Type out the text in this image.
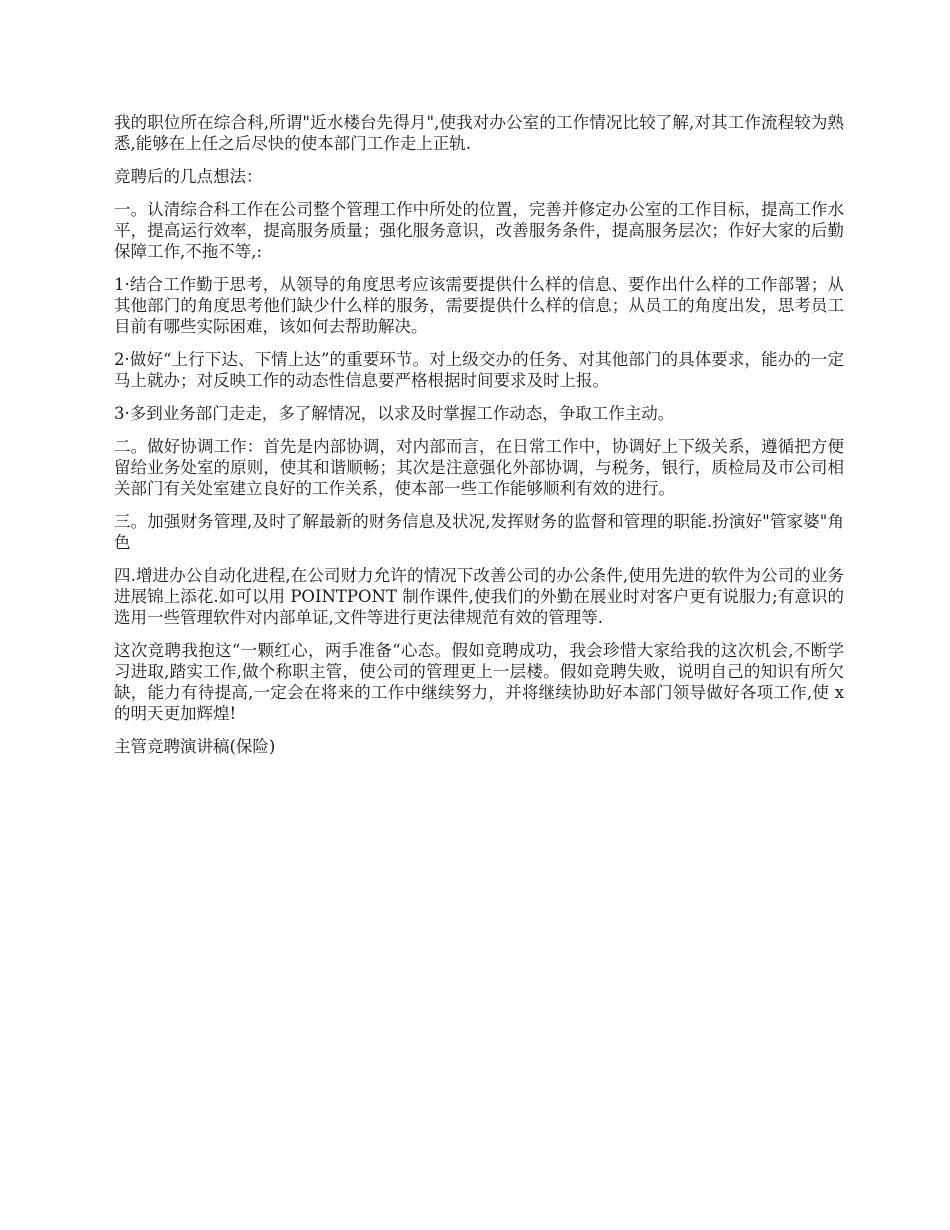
我的职位所在综合科,所谓"近水楼台先得月",使我对办公室的工作情况比较了解,对其工作流程较为熟悉,能够在上任之后尽快的使本部门工作走上正轨.

竞聘后的几点想法：

一。认清综合科工作在公司整个管理工作中所处的位置，完善并修定办公室的工作目标，提高工作水平，提高运行效率，提高服务质量；强化服务意识，改善服务条件，提高服务层次；作好大家的后勤保障工作,不拖不等,:

1·结合工作勤于思考，从领导的角度思考应该需要提供什么样的信息、要作出什么样的工作部署；从其他部门的角度思考他们缺少什么样的服务，需要提供什么样的信息；从员工的角度出发，思考员工目前有哪些实际困难，该如何去帮助解决。

2·做好“上行下达、下情上达”的重要环节。对上级交办的任务、对其他部门的具体要求，能办的一定马上就办；对反映工作的动态性信息要严格根据时间要求及时上报。

3·多到业务部门走走，多了解情况，以求及时掌握工作动态，争取工作主动。

二。做好协调工作：首先是内部协调，对内部而言，在日常工作中，协调好上下级关系，遵循把方便留给业务处室的原则，使其和谐顺畅；其次是注意强化外部协调，与税务，银行，质检局及市公司相关部门有关处室建立良好的工作关系，使本部一些工作能够顺利有效的进行。

三。加强财务管理,及时了解最新的财务信息及状况,发挥财务的监督和管理的职能.扮演好"管家婆"角色

四.增进办公自动化进程,在公司财力允许的情况下改善公司的办公条件,使用先进的软件为公司的业务进展锦上添花.如可以用 POINTPONT 制作课件,使我们的外勤在展业时对客户更有说服力;有意识的选用一些管理软件对内部单证,文件等进行更法律规范有效的管理等.

这次竞聘我抱这“一颗红心，两手准备“心态。假如竞聘成功，我会珍惜大家给我的这次机会,不断学习进取,踏实工作,做个称职主管，使公司的管理更上一层楼。假如竞聘失败，说明自己的知识有所欠缺，能力有待提高,一定会在将来的工作中继续努力，并将继续协助好本部门领导做好各项工作,使 x 的明天更加辉煌!

主管竞聘演讲稿(保险)
